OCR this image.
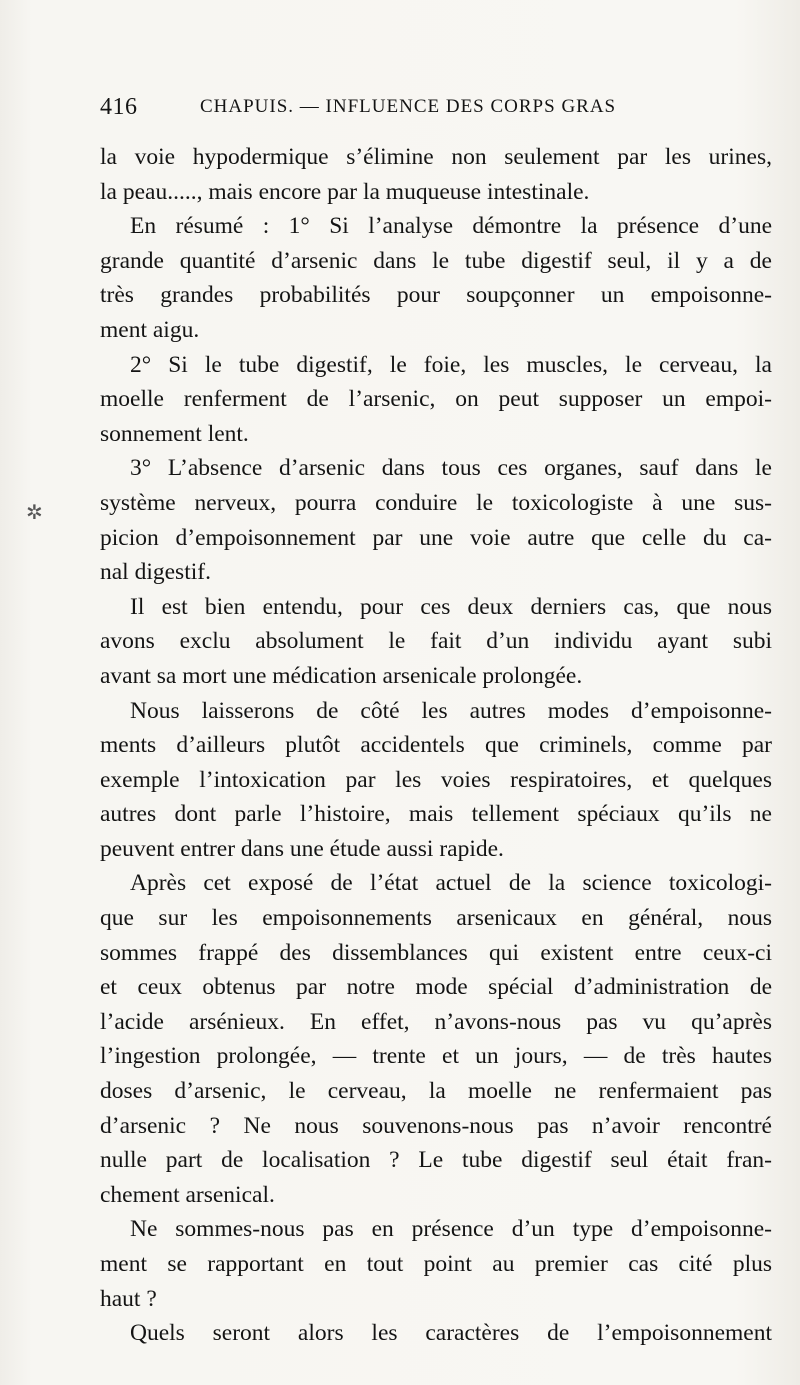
416	CHAPUIS. — INFLUENCE DES CORPS GRAS
✲
la voie hypodermique s’élimine non seulement par les urines,
la peau....., mais encore par la muqueuse intestinale.
En résumé : 1° Si l’analyse démontre la présence d’une
grande quantité d’arsenic dans le tube digestif seul, il y a de
très grandes probabilités pour soupçonner un empoisonne-
ment aigu.
2° Si le tube digestif, le foie, les muscles, le cerveau, la
moelle renferment de l’arsenic, on peut supposer un empoi-
sonnement lent.
3° L’absence d’arsenic dans tous ces organes, sauf dans le
système nerveux, pourra conduire le toxicologiste à une sus-
picion d’empoisonnement par une voie autre que celle du ca-
nal digestif.
Il est bien entendu, pour ces deux derniers cas, que nous
avons exclu absolument le fait d’un individu ayant subi
avant sa mort une médication arsenicale prolongée.
Nous laisserons de côté les autres modes d’empoisonne-
ments d’ailleurs plutôt accidentels que criminels, comme par
exemple l’intoxication par les voies respiratoires, et quelques
autres dont parle l’histoire, mais tellement spéciaux qu’ils ne
peuvent entrer dans une étude aussi rapide.
Après cet exposé de l’état actuel de la science toxicologi-
que sur les empoisonnements arsenicaux en général, nous
sommes frappé des dissemblances qui existent entre ceux-ci
et ceux obtenus par notre mode spécial d’administration de
l’acide arsénieux. En effet, n’avons-nous pas vu qu’après
l’ingestion prolongée, — trente et un jours, — de très hautes
doses d’arsenic, le cerveau, la moelle ne renfermaient pas
d’arsenic ? Ne nous souvenons-nous pas n’avoir rencontré
nulle part de localisation ? Le tube digestif seul était fran-
chement arsenical.
Ne sommes-nous pas en présence d’un type d’empoisonne-
ment se rapportant en tout point au premier cas cité plus
haut ?
Quels seront alors les caractères de l’empoisonnement
